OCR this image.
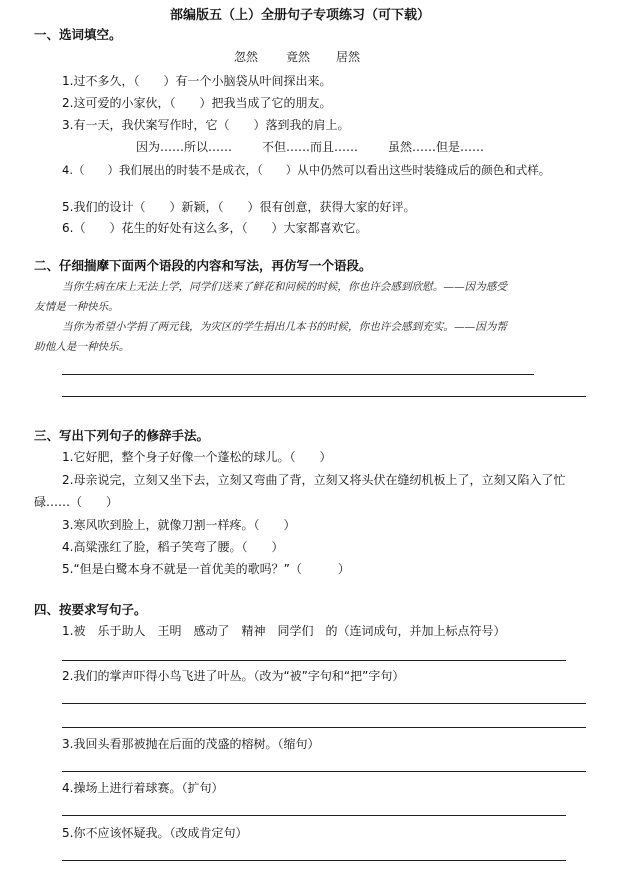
部编版五（上）全册句子专项练习（可下载）
一、选词填空。
忽然 竟然 居然
1.过不多久，（　　）有一个小脑袋从叶间探出来。
2.这可爱的小家伙，（　　）把我当成了它的朋友。
3.有一天，我伏案写作时，它（　　）落到我的肩上。
因为……所以…… 不但……而且…… 虽然……但是……
4.（　　）我们展出的时装不是成衣，（　　）从中仍然可以看出这些时装缝成后的颜色和式样。
5.我们的设计（　　）新颖，（　　）很有创意，获得大家的好评。
6.（　　）花生的好处有这么多，（　　）大家都喜欢它。
二、仔细揣摩下面两个语段的内容和写法，再仿写一个语段。
当你生病在床上无法上学，同学们送来了鲜花和问候的时候，你也许会感到欣慰。——因为感受
友情是一种快乐。
当你为希望小学捐了两元钱，为灾区的学生捐出几本书的时候，你也许会感到充实。——因为帮
助他人是一种快乐。
三、写出下列句子的修辞手法。
1.它好肥，整个身子好像一个蓬松的球儿。（　　）
2.母亲说完，立刻又坐下去，立刻又弯曲了背，立刻又将头伏在缝纫机板上了，立刻又陷入了忙
碌……（　　）
3.寒风吹到脸上，就像刀割一样疼。（　　）
4.高粱涨红了脸，稻子笑弯了腰。（　　）
5.“但是白鹭本身不就是一首优美的歌吗？”（　　　）
四、按要求写句子。
1.被　乐于助人　王明　感动了　精神　同学们　的（连词成句，并加上标点符号）
2.我们的掌声吓得小鸟飞进了叶丛。（改为“被”字句和“把”字句）
3.我回头看那被抛在后面的茂盛的榕树。（缩句）
4.操场上进行着球赛。（扩句）
5.你不应该怀疑我。（改成肯定句）
